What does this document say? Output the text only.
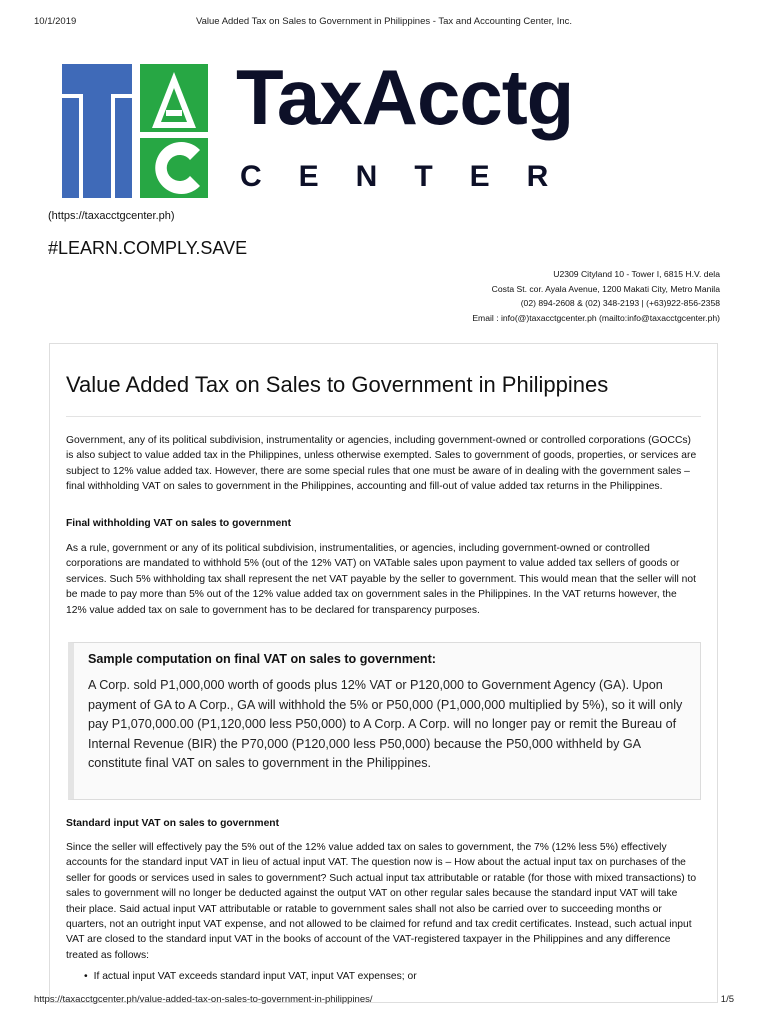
10/1/2019	Value Added Tax on Sales to Government in Philippines - Tax and Accounting Center, Inc.
TaxAcctg
CENTER
(https://taxacctgcenter.ph)
#LEARN.COMPLY.SAVE
U2309 Cityland 10 - Tower I, 6815 H.V. dela
Costa St. cor. Ayala Avenue, 1200 Makati City, Metro Manila
(02) 894-2608 & (02) 348-2193 | (+63)922-856-2358
Email : info(@)taxacctgcenter.ph (mailto:info@taxacctgcenter.ph)
Value Added Tax on Sales to Government in Philippines

Government, any of its political subdivision, instrumentality or agencies, including government-owned or controlled corporations (GOCCs) is also subject to value added tax in the Philippines, unless otherwise exempted. Sales to government of goods, properties, or services are subject to 12% value added tax. However, there are some special rules that one must be aware of in dealing with the government sales – final withholding VAT on sales to government in the Philippines, accounting and fill-out of value added tax returns in the Philippines.

Final withholding VAT on sales to government

As a rule, government or any of its political subdivision, instrumentalities, or agencies, including government-owned or controlled corporations are mandated to withhold 5% (out of the 12% VAT) on VATable sales upon payment to value added tax sellers of goods or services. Such 5% withholding tax shall represent the net VAT payable by the seller to government. This would mean that the seller will not be made to pay more than 5% out of the 12% value added tax on government sales in the Philippines. In the VAT returns however, the 12% value added tax on sale to government has to be declared for transparency purposes.

Sample computation on final VAT on sales to government:

A Corp. sold P1,000,000 worth of goods plus 12% VAT or P120,000 to Government Agency (GA). Upon payment of GA to A Corp., GA will withhold the 5% or P50,000 (P1,000,000 multiplied by 5%), so it will only pay P1,070,000.00 (P1,120,000 less P50,000) to A Corp. A Corp. will no longer pay or remit the Bureau of Internal Revenue (BIR) the P70,000 (P120,000 less P50,000) because the P50,000 withheld by GA constitute final VAT on sales to government in the Philippines.

Standard input VAT on sales to government

Since the seller will effectively pay the 5% out of the 12% value added tax on sales to government, the 7% (12% less 5%) effectively accounts for the standard input VAT in lieu of actual input VAT. The question now is – How about the actual input tax on purchases of the seller for goods or services used in sales to government? Such actual input tax attributable or ratable (for those with mixed transactions) to sales to government will no longer be deducted against the output VAT on other regular sales because the standard input VAT will take their place. Said actual input VAT attributable or ratable to government sales shall not also be carried over to succeeding months or quarters, not an outright input VAT expense, and not allowed to be claimed for refund and tax credit certificates. Instead, such actual input VAT are closed to the standard input VAT in the books of account of the VAT-registered taxpayer in the Philippines and any difference treated as follows:

• If actual input VAT exceeds standard input VAT, input VAT expenses; or
https://taxacctgcenter.ph/value-added-tax-on-sales-to-government-in-philippines/	1/5
